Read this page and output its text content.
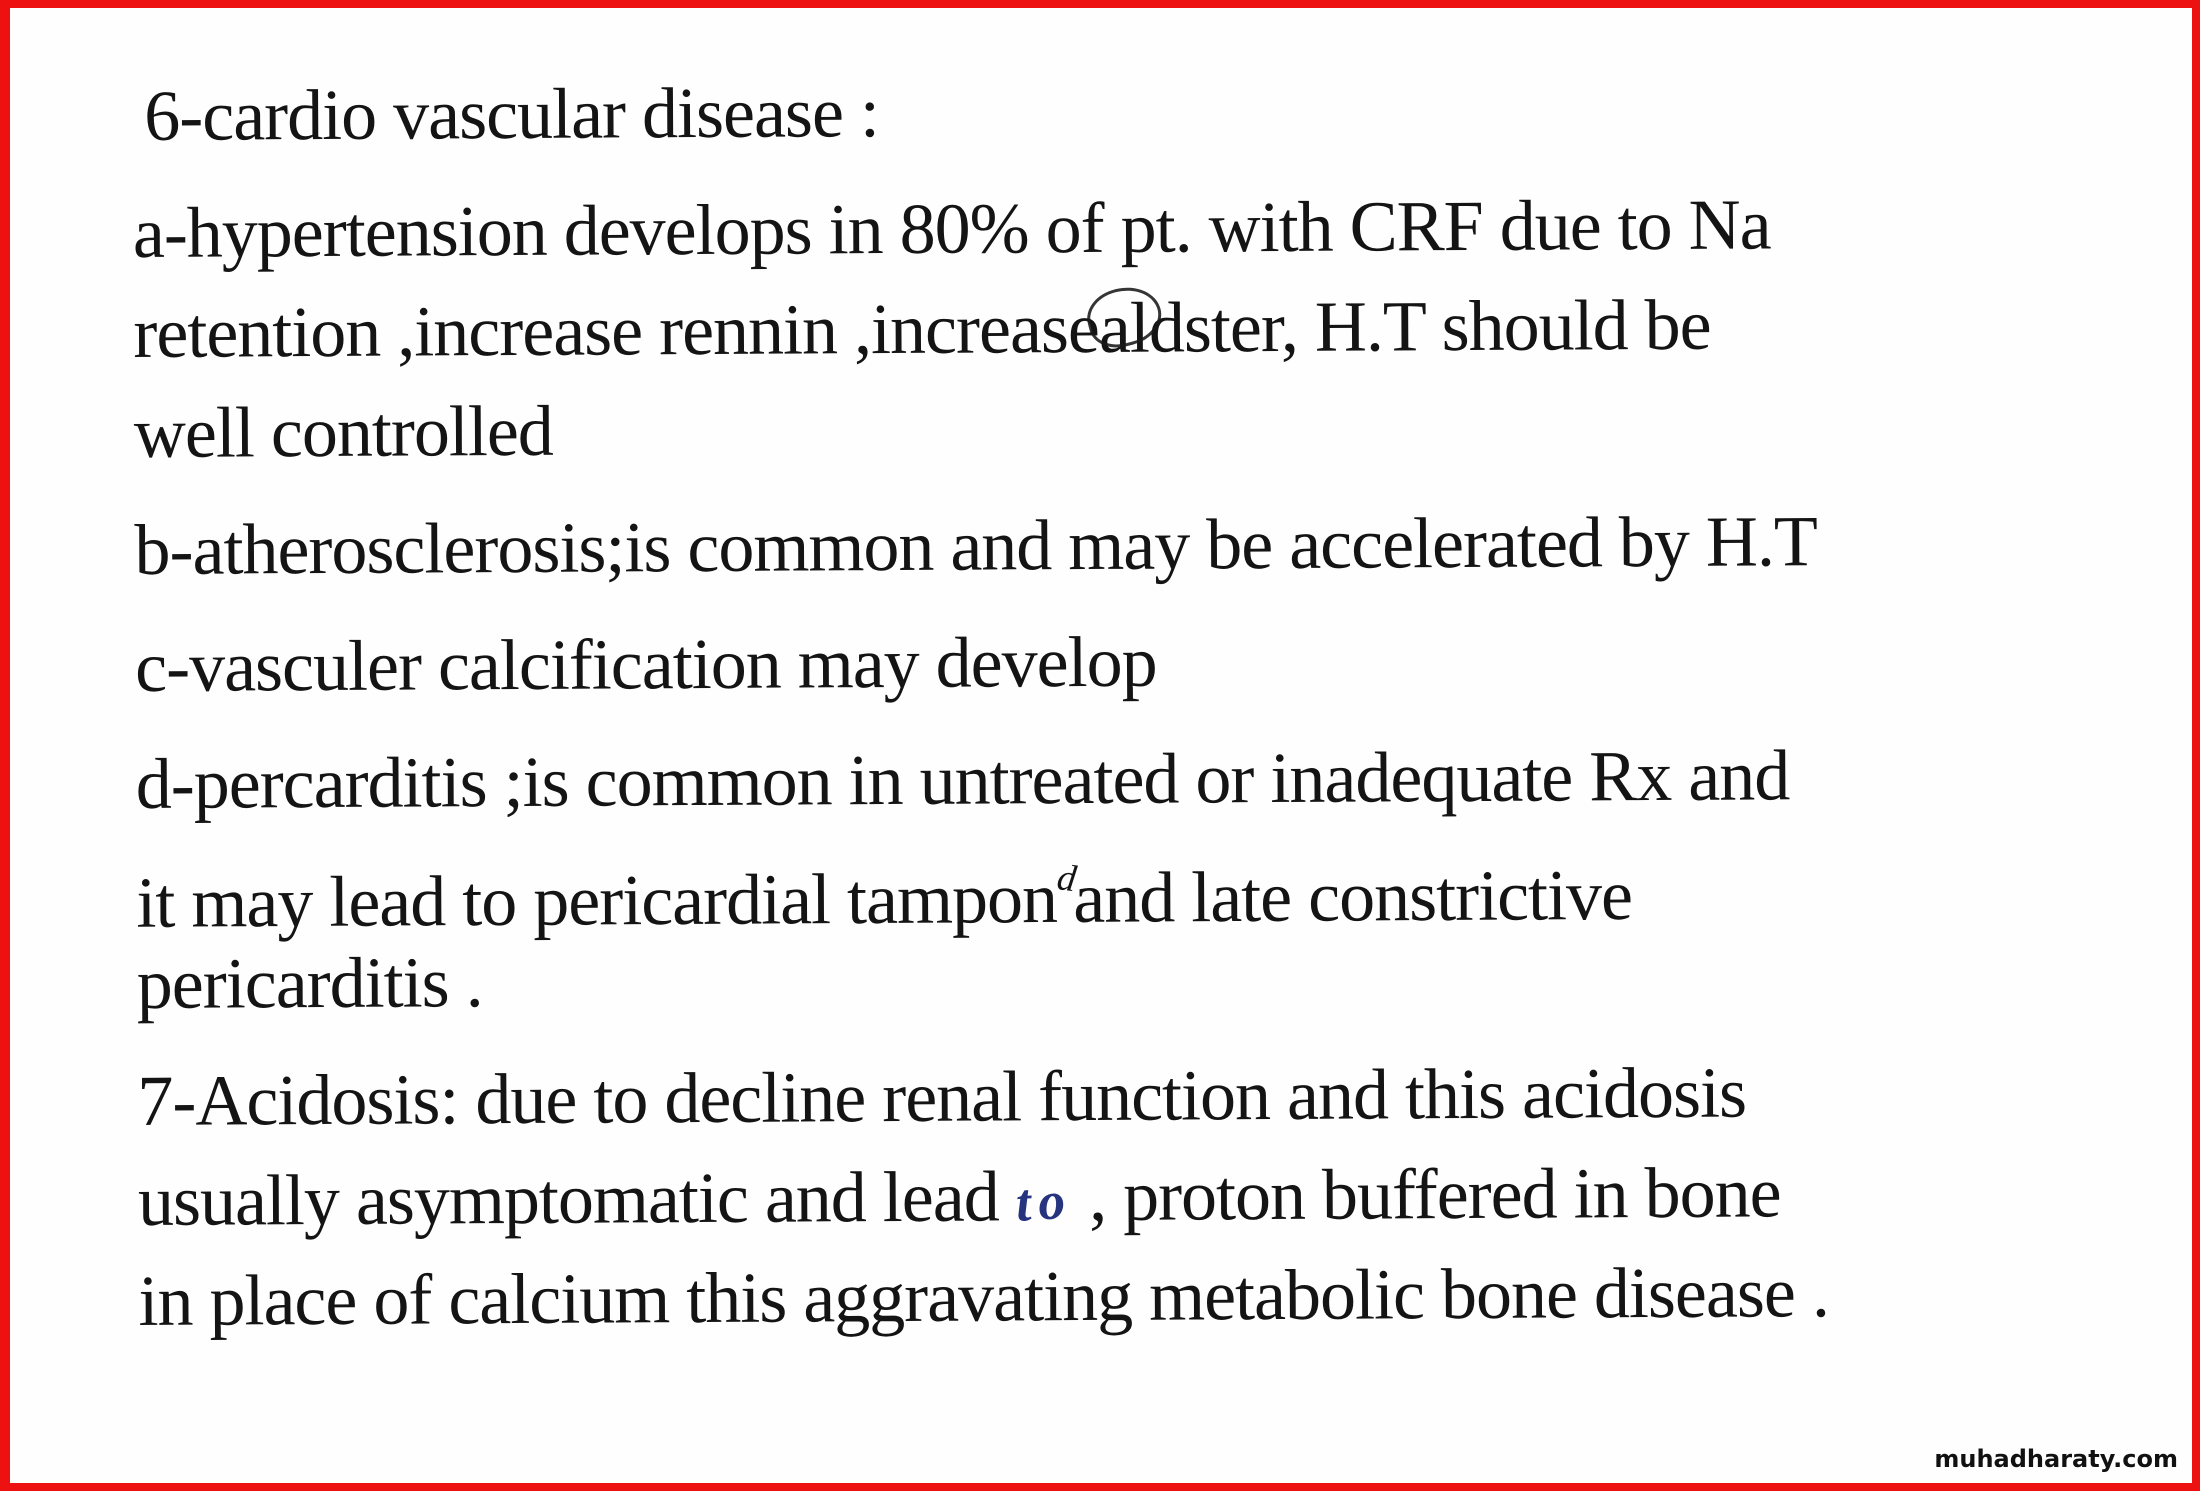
6-cardio vascular disease :
a-hypertension develops in 80% of pt. with CRF due to Na
retention ,increase rennin ,increasealdster, H.T should be
well controlled
b-atherosclerosis;is common and may be accelerated by H.T
c-vasculer calcification may develop
d-percarditis ;is common in untreated or inadequate Rx and
it may lead to pericardial tampondand late constrictive
pericarditis .
7-Acidosis: due to decline renal function and this acidosis
usually asymptomatic and lead to , proton buffered in bone
in place of calcium this aggravating metabolic bone disease .
muhadharaty.com
